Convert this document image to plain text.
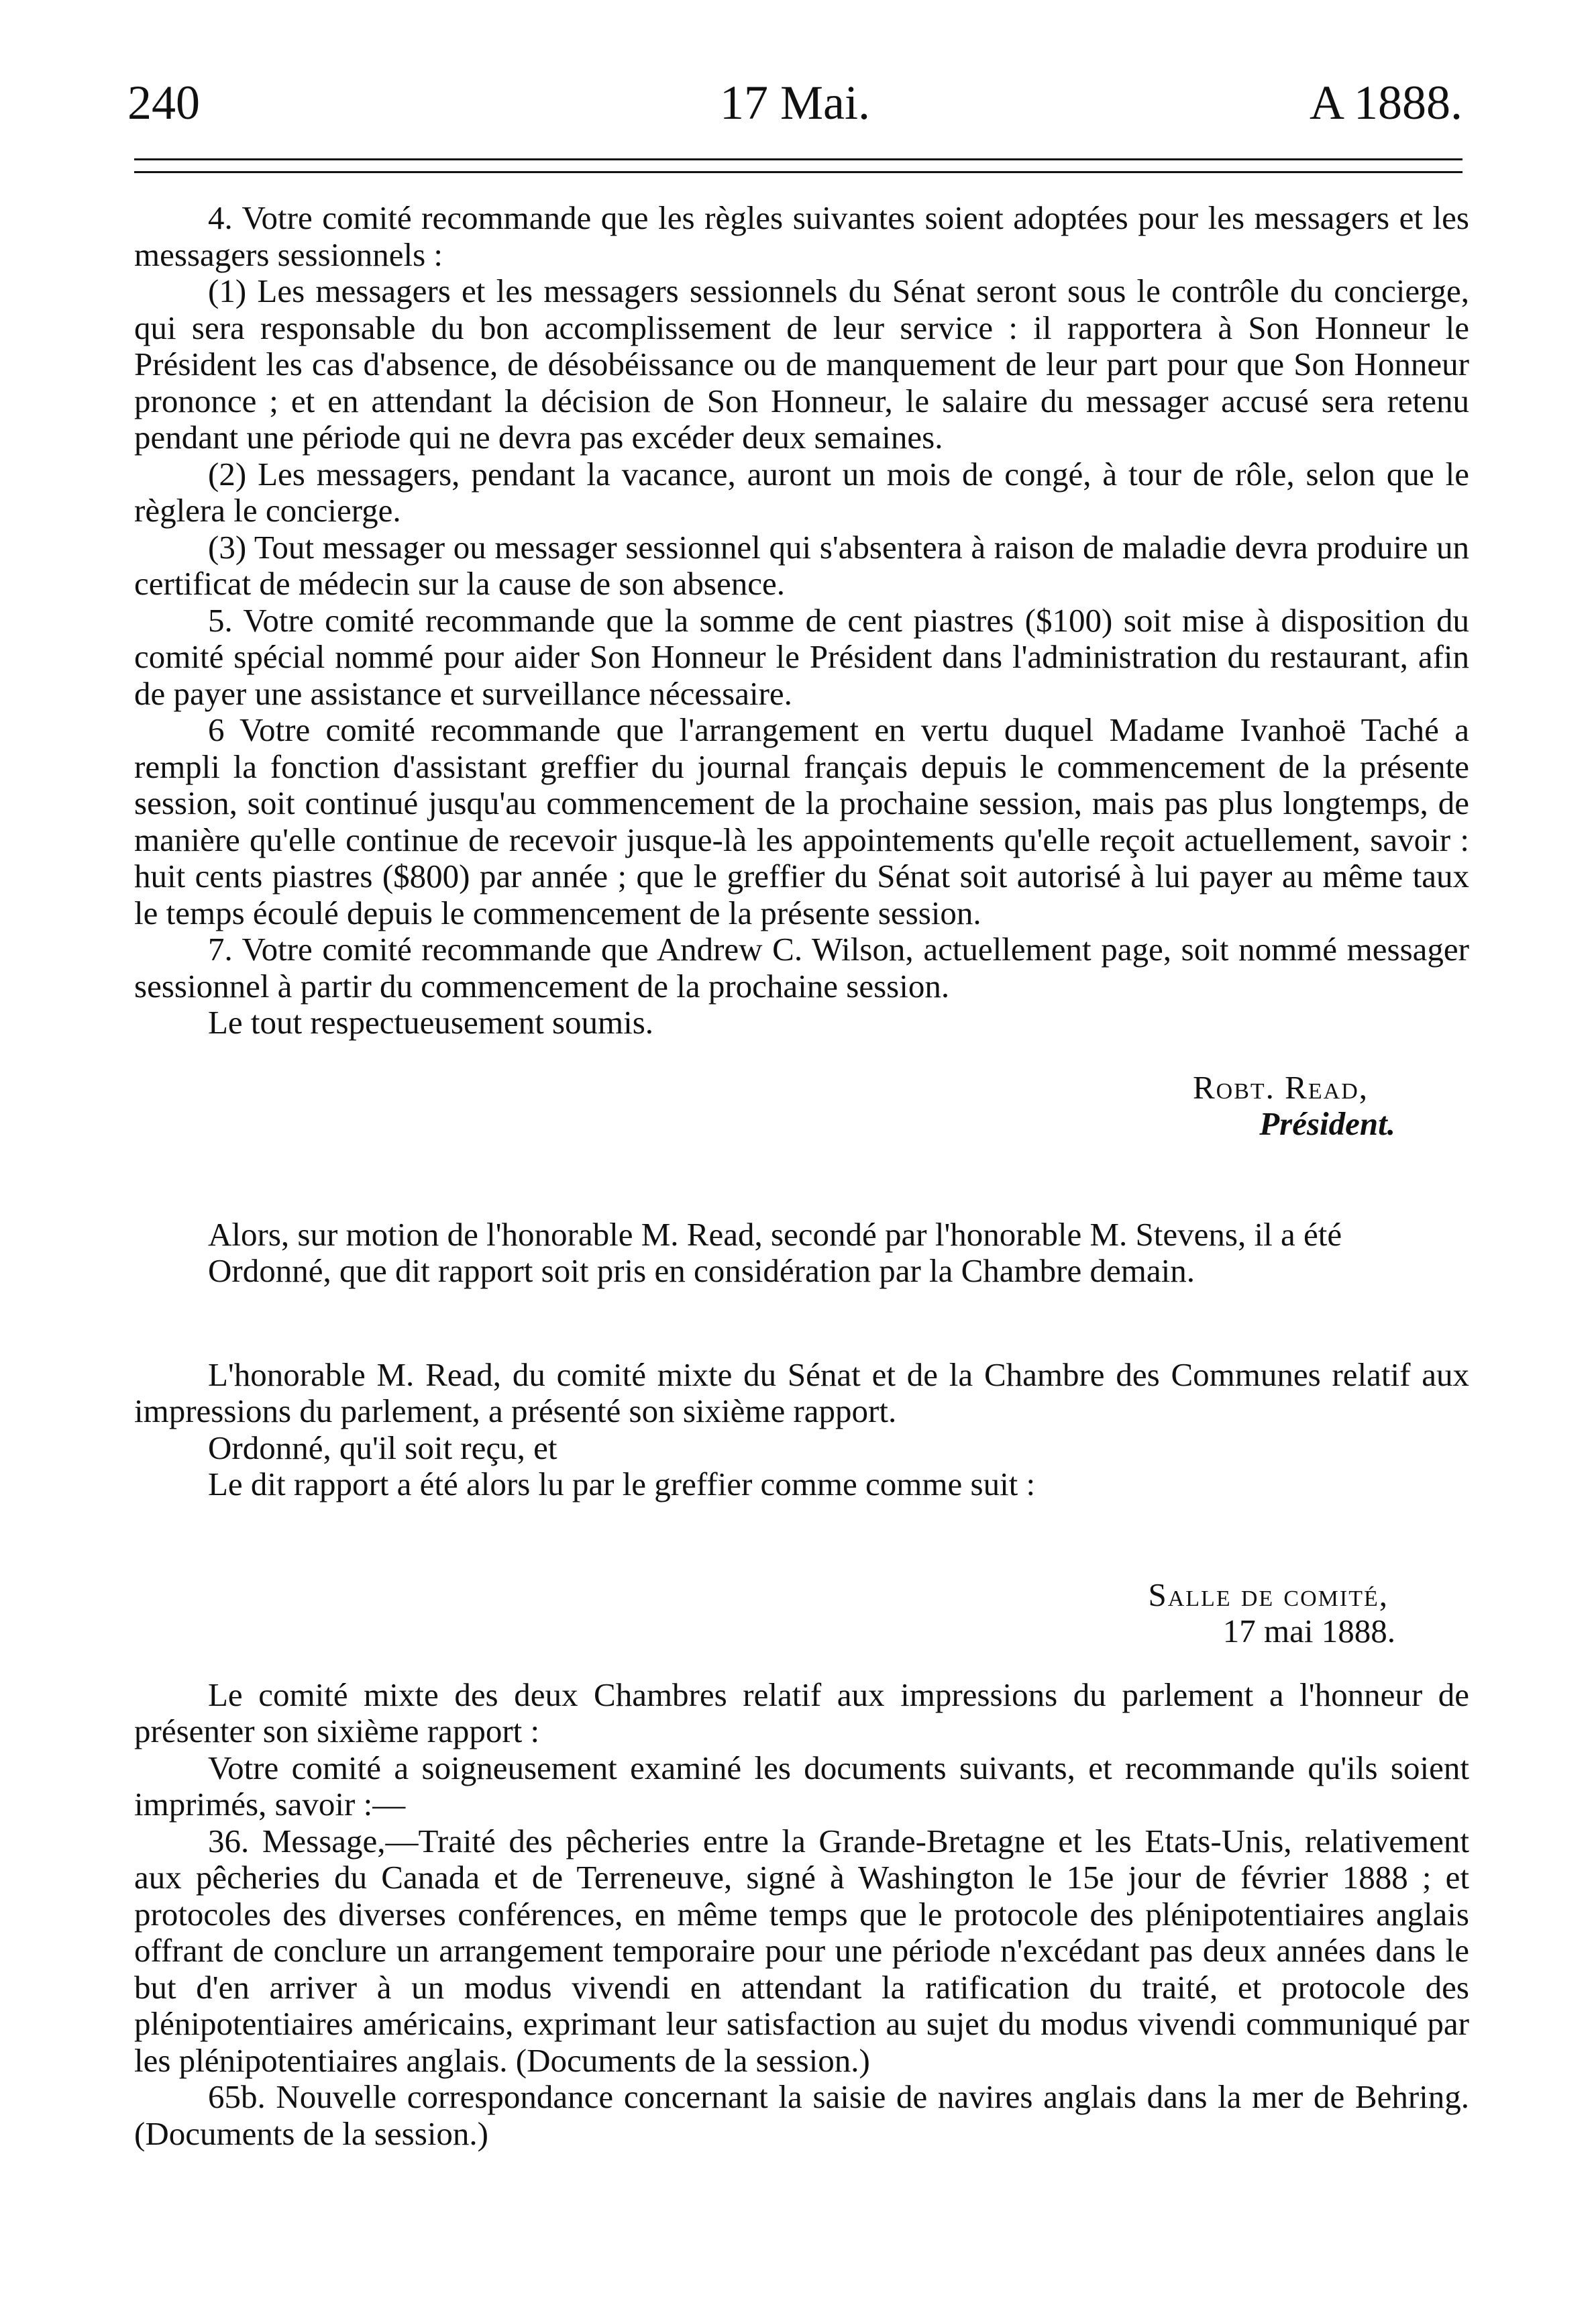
17 Mai.
240	A 1888.

4. Votre comité recommande que les règles suivantes soient adoptées pour les messagers et les messagers sessionnels :

(1) Les messagers et les messagers sessionnels du Sénat seront sous le contrôle du concierge, qui sera responsable du bon accomplissement de leur service : il rapportera à Son Honneur le Président les cas d'absence, de désobéissance ou de manquement de leur part pour que Son Honneur prononce ; et en attendant la décision de Son Honneur, le salaire du messager accusé sera retenu pendant une période qui ne devra pas excéder deux semaines.

(2) Les messagers, pendant la vacance, auront un mois de congé, à tour de rôle, selon que le règlera le concierge.

(3) Tout messager ou messager sessionnel qui s'absentera à raison de maladie devra produire un certificat de médecin sur la cause de son absence.

5. Votre comité recommande que la somme de cent piastres ($100) soit mise à disposition du comité spécial nommé pour aider Son Honneur le Président dans l'administration du restaurant, afin de payer une assistance et surveillance nécessaire.

6 Votre comité recommande que l'arrangement en vertu duquel Madame Ivanhoë Taché a rempli la fonction d'assistant greffier du journal français depuis le commencement de la présente session, soit continué jusqu'au commencement de la prochaine session, mais pas plus longtemps, de manière qu'elle continue de recevoir jusque-là les appointements qu'elle reçoit actuellement, savoir : huit cents piastres ($800) par année ; que le greffier du Sénat soit autorisé à lui payer au même taux le temps écoulé depuis le commencement de la présente session.

7. Votre comité recommande que Andrew C. Wilson, actuellement page, soit nommé messager sessionnel à partir du commencement de la prochaine session.

Le tout respectueusement soumis.

Robt. Read,

Président.

Alors, sur motion de l'honorable M. Read, secondé par l'honorable M. Stevens, il a été

Ordonné, que dit rapport soit pris en considération par la Chambre demain.

L'honorable M. Read, du comité mixte du Sénat et de la Chambre des Communes relatif aux impressions du parlement, a présenté son sixième rapport.

Ordonné, qu'il soit reçu, et

Le dit rapport a été alors lu par le greffier comme comme suit :

Salle de comité,

17 mai 1888.

Le comité mixte des deux Chambres relatif aux impressions du parlement a l'honneur de présenter son sixième rapport :

Votre comité a soigneusement examiné les documents suivants, et recommande qu'ils soient imprimés, savoir :—

36. Message,—Traité des pêcheries entre la Grande-Bretagne et les Etats-Unis, relativement aux pêcheries du Canada et de Terreneuve, signé à Washington le 15e jour de février 1888 ; et protocoles des diverses conférences, en même temps que le protocole des plénipotentiaires anglais offrant de conclure un arrangement temporaire pour une période n'excédant pas deux années dans le but d'en arriver à un modus vivendi en attendant la ratification du traité, et protocole des plénipotentiaires américains, exprimant leur satisfaction au sujet du modus vivendi communiqué par les plénipotentiaires anglais. (Documents de la session.)

65b. Nouvelle correspondance concernant la saisie de navires anglais dans la mer de Behring. (Documents de la session.)
